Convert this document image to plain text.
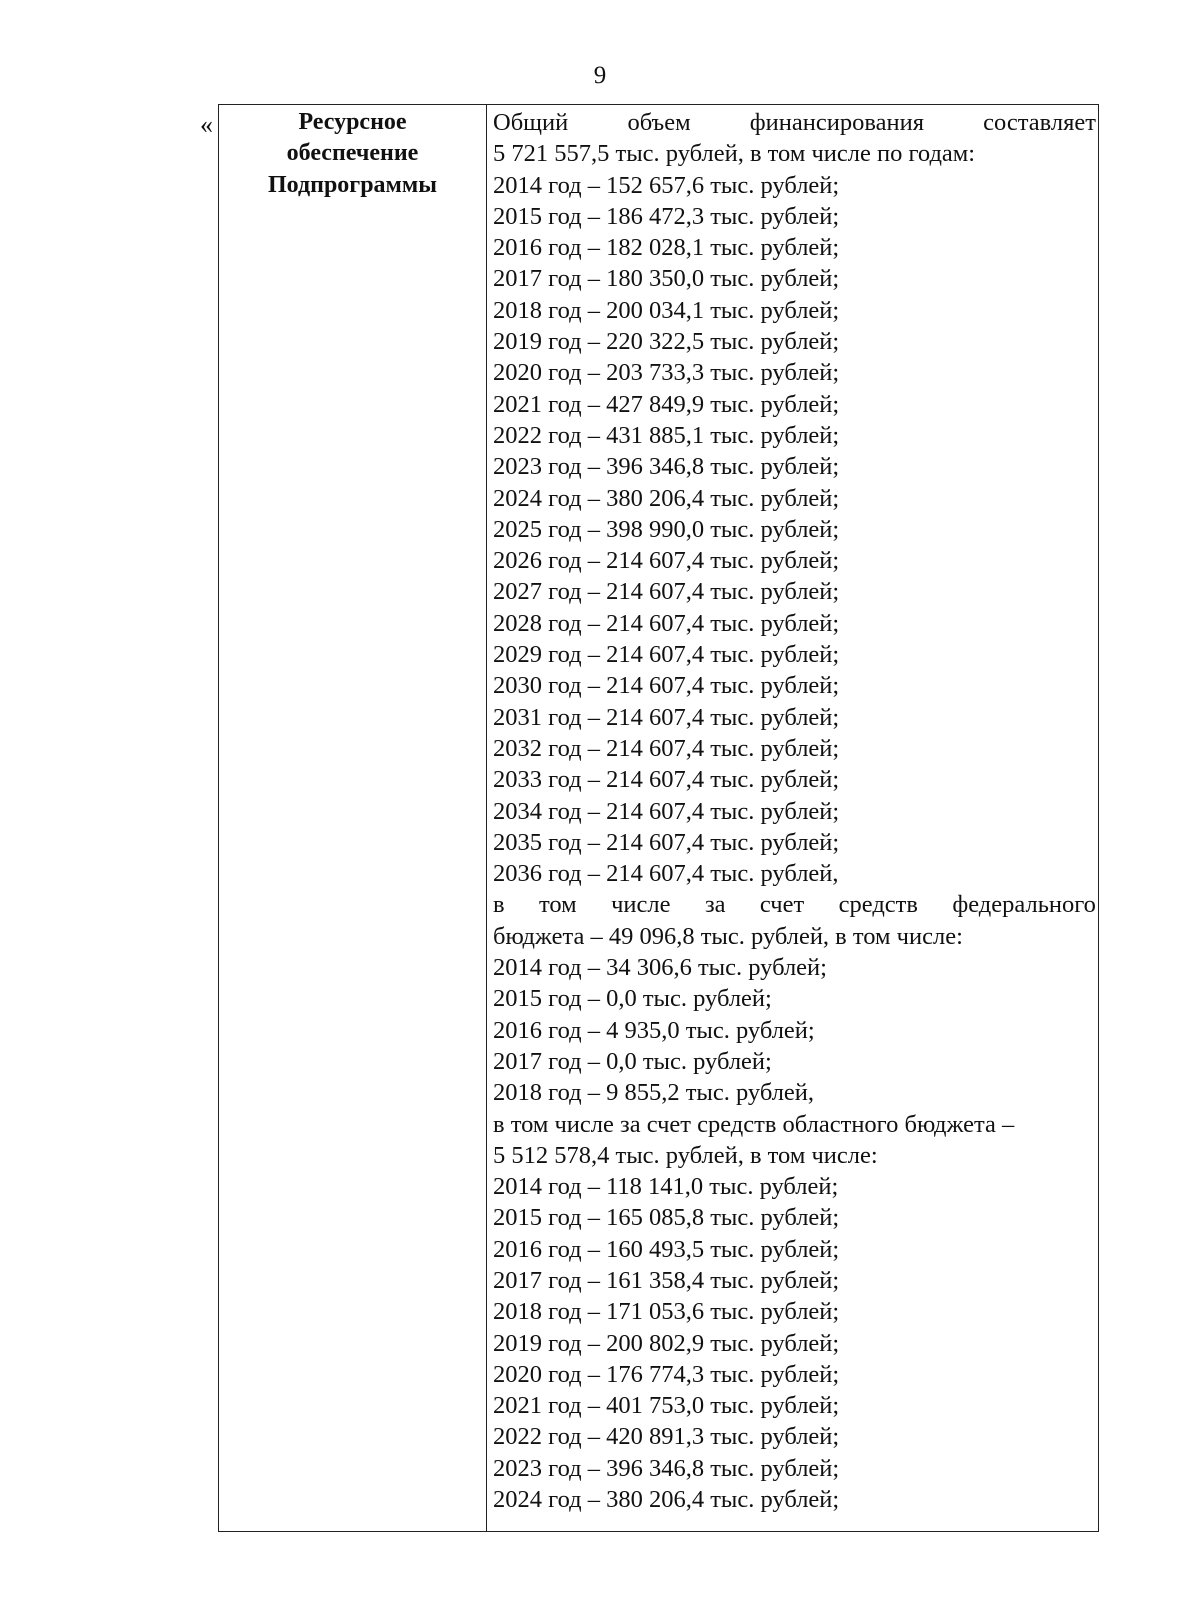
9
«	Ресурсное
обеспечение
Подпрограммы
Общий объем финансирования составляет
5 721 557,5 тыс. рублей, в том числе по годам:
2014 год – 152 657,6 тыс. рублей;
2015 год – 186 472,3 тыс. рублей;
2016 год – 182 028,1 тыс. рублей;
2017 год – 180 350,0 тыс. рублей;
2018 год – 200 034,1 тыс. рублей;
2019 год – 220 322,5 тыс. рублей;
2020 год – 203 733,3 тыс. рублей;
2021 год – 427 849,9 тыс. рублей;
2022 год – 431 885,1 тыс. рублей;
2023 год – 396 346,8 тыс. рублей;
2024 год – 380 206,4 тыс. рублей;
2025 год – 398 990,0 тыс. рублей;
2026 год – 214 607,4 тыс. рублей;
2027 год – 214 607,4 тыс. рублей;
2028 год – 214 607,4 тыс. рублей;
2029 год – 214 607,4 тыс. рублей;
2030 год – 214 607,4 тыс. рублей;
2031 год – 214 607,4 тыс. рублей;
2032 год – 214 607,4 тыс. рублей;
2033 год – 214 607,4 тыс. рублей;
2034 год – 214 607,4 тыс. рублей;
2035 год – 214 607,4 тыс. рублей;
2036 год – 214 607,4 тыс. рублей,
в том числе за счет средств федерального
бюджета – 49 096,8 тыс. рублей, в том числе:
2014 год – 34 306,6 тыс. рублей;
2015 год – 0,0 тыс. рублей;
2016 год – 4 935,0 тыс. рублей;
2017 год – 0,0 тыс. рублей;
2018 год – 9 855,2 тыс. рублей,
в том числе за счет средств областного бюджета –
5 512 578,4 тыс. рублей, в том числе:
2014 год – 118 141,0 тыс. рублей;
2015 год – 165 085,8 тыс. рублей;
2016 год – 160 493,5 тыс. рублей;
2017 год – 161 358,4 тыс. рублей;
2018 год – 171 053,6 тыс. рублей;
2019 год – 200 802,9 тыс. рублей;
2020 год – 176 774,3 тыс. рублей;
2021 год – 401 753,0 тыс. рублей;
2022 год – 420 891,3 тыс. рублей;
2023 год – 396 346,8 тыс. рублей;
2024 год – 380 206,4 тыс. рублей;
